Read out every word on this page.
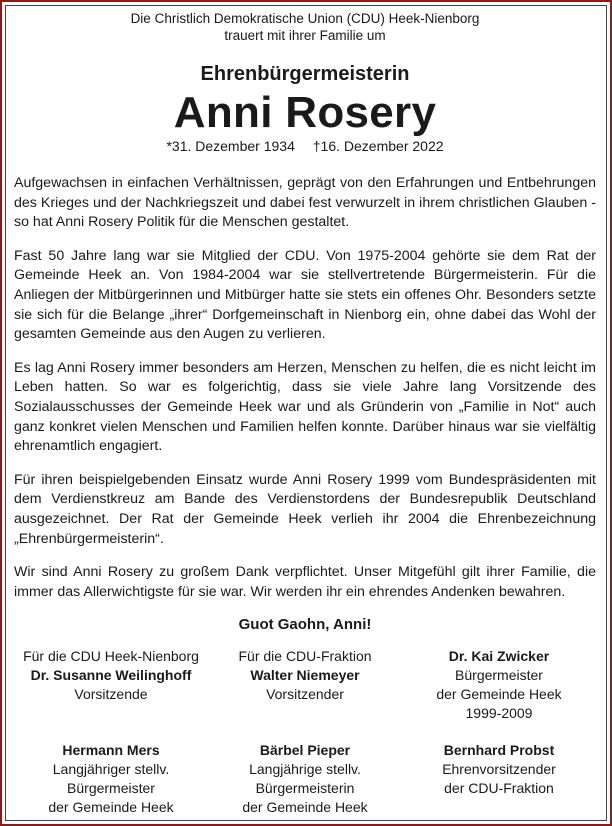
Die Christlich Demokratische Union (CDU) Heek-Nienborg
trauert mit ihrer Familie um
Ehrenbürgermeisterin
Anni Rosery
*31. Dezember 1934 †16. Dezember 2022

Aufgewachsen in einfachen Verhältnissen, geprägt von den Erfahrungen und Entbehrungen des Krieges und der Nachkriegszeit und dabei fest verwurzelt in ihrem christlichen Glauben - so hat Anni Rosery Politik für die Menschen gestaltet.

Fast 50 Jahre lang war sie Mitglied der CDU. Von 1975-2004 gehörte sie dem Rat der Gemeinde Heek an. Von 1984-2004 war sie stellvertretende Bürgermeisterin. Für die Anliegen der Mitbürgerinnen und Mitbürger hatte sie stets ein offenes Ohr. Besonders setzte sie sich für die Belange „ihrer“ Dorfgemeinschaft in Nienborg ein, ohne dabei das Wohl der gesamten Gemeinde aus den Augen zu verlieren.

Es lag Anni Rosery immer besonders am Herzen, Menschen zu helfen, die es nicht leicht im Leben hatten. So war es folgerichtig, dass sie viele Jahre lang Vorsitzende des Sozialausschusses der Gemeinde Heek war und als Gründerin von „Familie in Not“ auch ganz konkret vielen Menschen und Familien helfen konnte. Darüber hinaus war sie vielfältig ehrenamtlich engagiert.

Für ihren beispielgebenden Einsatz wurde Anni Rosery 1999 vom Bundespräsidenten mit dem Verdienstkreuz am Bande des Verdienstordens der Bundesrepublik Deutschland ausgezeichnet. Der Rat der Gemeinde Heek verlieh ihr 2004 die Ehrenbezeichnung „Ehrenbürgermeisterin“.

Wir sind Anni Rosery zu großem Dank verpflichtet. Unser Mitgefühl gilt ihrer Familie, die immer das Allerwichtigste für sie war. Wir werden ihr ein ehrendes Andenken bewahren.

Guot Gaohn, Anni!
Für die CDU Heek-Nienborg
Dr. Susanne Weilinghoff
Vorsitzende
Für die CDU-Fraktion
Walter Niemeyer
Vorsitzender
Dr. Kai Zwicker
Bürgermeister
der Gemeinde Heek
1999-2009
Hermann Mers
Langjähriger stellv.
Bürgermeister
der Gemeinde Heek
Bärbel Pieper
Langjährige stellv.
Bürgermeisterin
der Gemeinde Heek
Bernhard Probst
Ehrenvorsitzender
der CDU-Fraktion
